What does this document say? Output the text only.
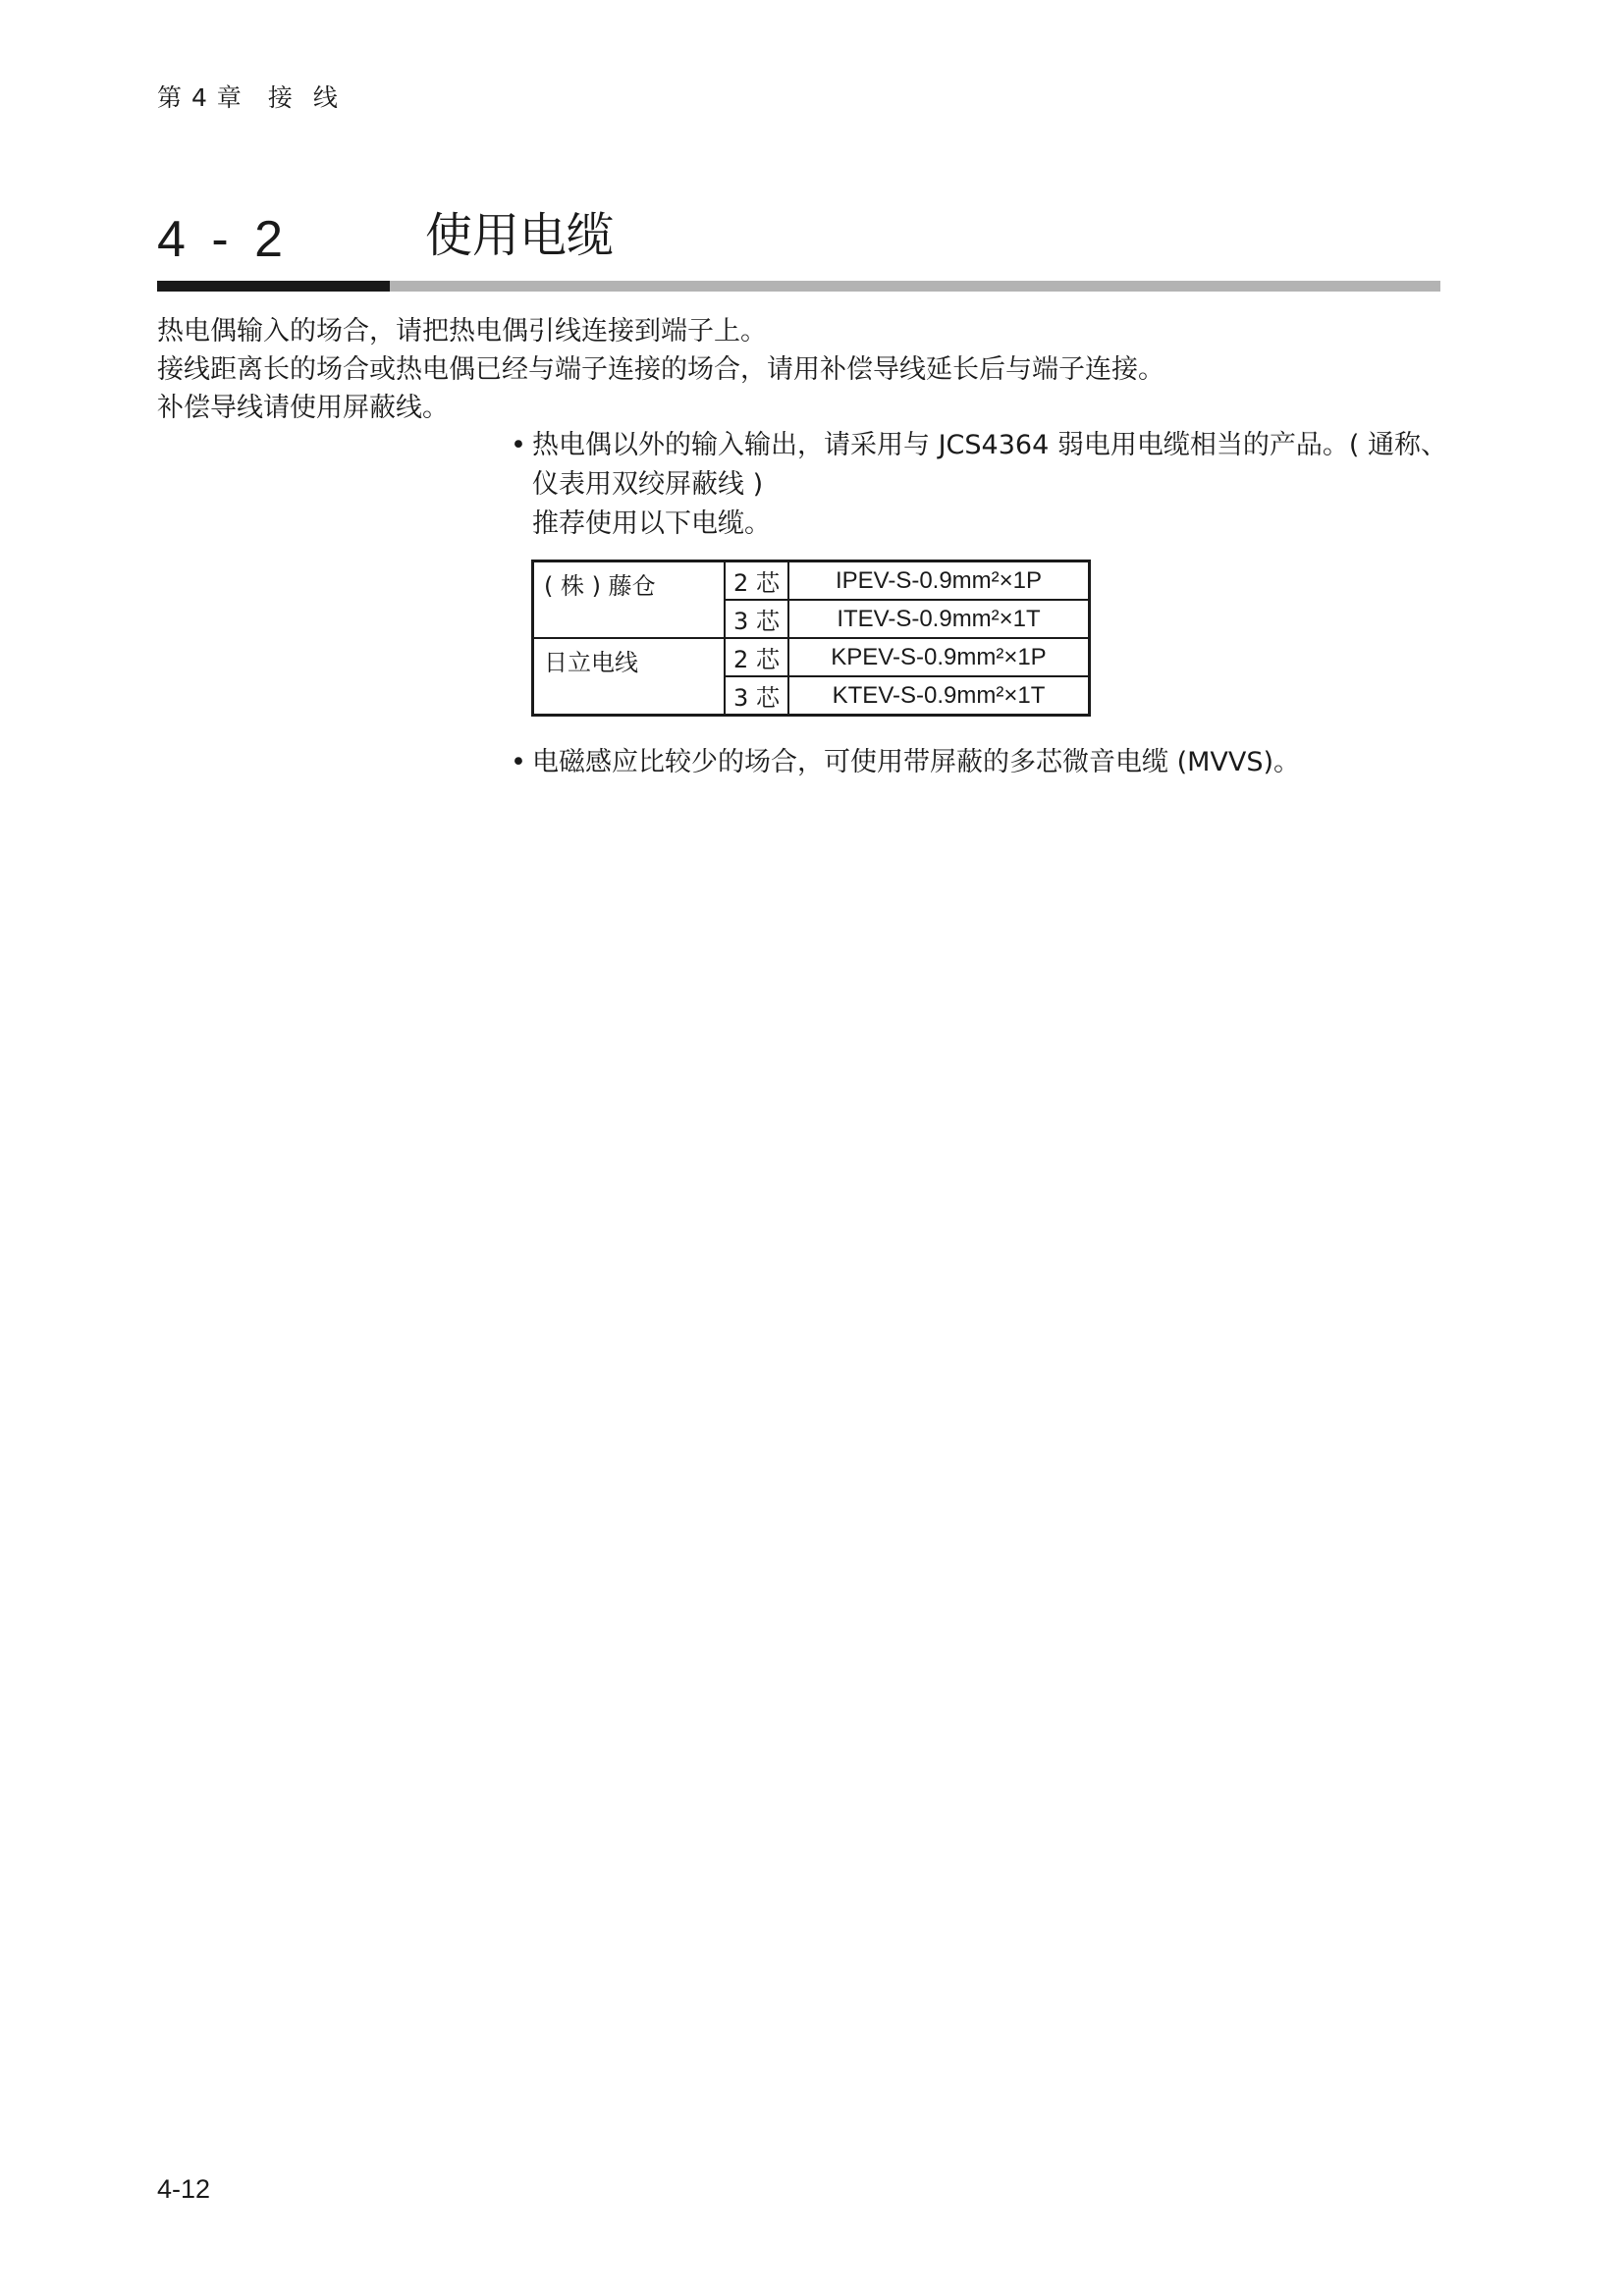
第 4 章 接 线
4 - 2	使用电缆

热电偶输入的场合，请把热电偶引线连接到端子上。

接线距离长的场合或热电偶已经与端子连接的场合，请用补偿导线延长后与端子连接。

补偿导线请使用屏蔽线。

• 热电偶以外的输入输出，请采用与 JCS4364 弱电用电缆相当的产品。( 通称、

仪表用双绞屏蔽线 )

推荐使用以下电缆。

( 株 ) 藤仓	2 芯	IPEV-S-0.9mm²×1P
	3 芯	ITEV-S-0.9mm²×1T
日立电线	2 芯	KPEV-S-0.9mm²×1P
	3 芯	KTEV-S-0.9mm²×1T
• 电磁感应比较少的场合，可使用带屏蔽的多芯微音电缆 (MVVS)。

4-12
